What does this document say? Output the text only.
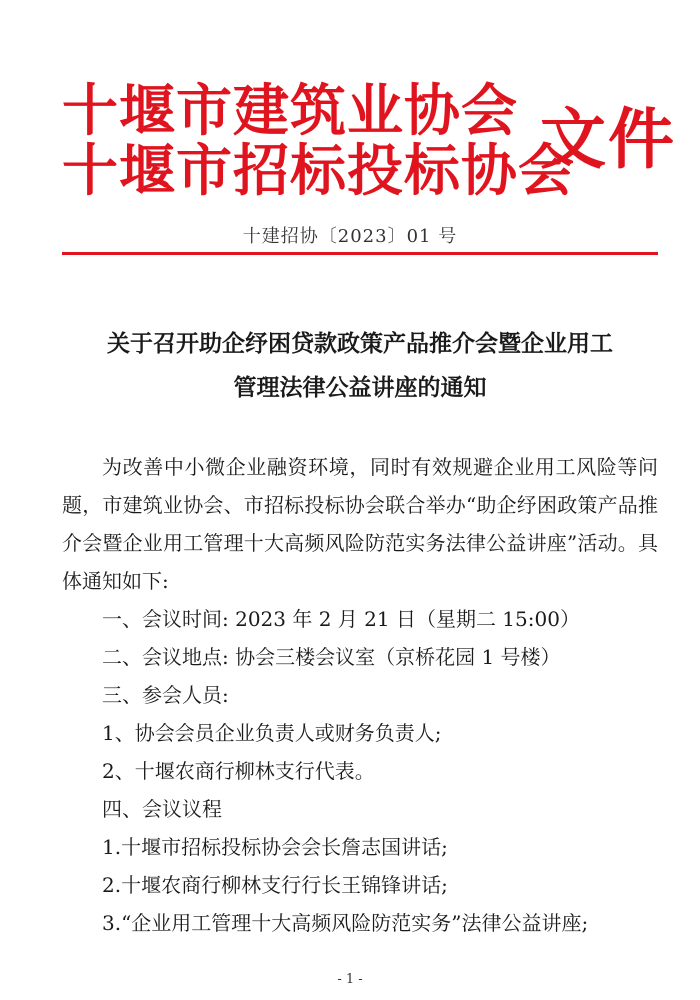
十堰市建筑业协会
十堰市招标投标协会
文件
十建招协〔2023〕01 号
关于召开助企纾困贷款政策产品推介会暨企业用工
管理法律公益讲座的通知

为改善中小微企业融资环境，同时有效规避企业用工风险等问题，市建筑业协会、市招标投标协会联合举办“助企纾困政策产品推介会暨企业用工管理十大高频风险防范实务法律公益讲座”活动。具体通知如下:

一、会议时间: 2023 年 2 月 21 日（星期二 15:00）

二、会议地点: 协会三楼会议室（京桥花园 1 号楼）

三、参会人员:

1、协会会员企业负责人或财务负责人;

2、十堰农商行柳林支行代表。

四、会议议程

1.十堰市招标投标协会会长詹志国讲话;

2.十堰农商行柳林支行行长王锦锋讲话;

3.“企业用工管理十大高频风险防范实务”法律公益讲座;

- 1 -
